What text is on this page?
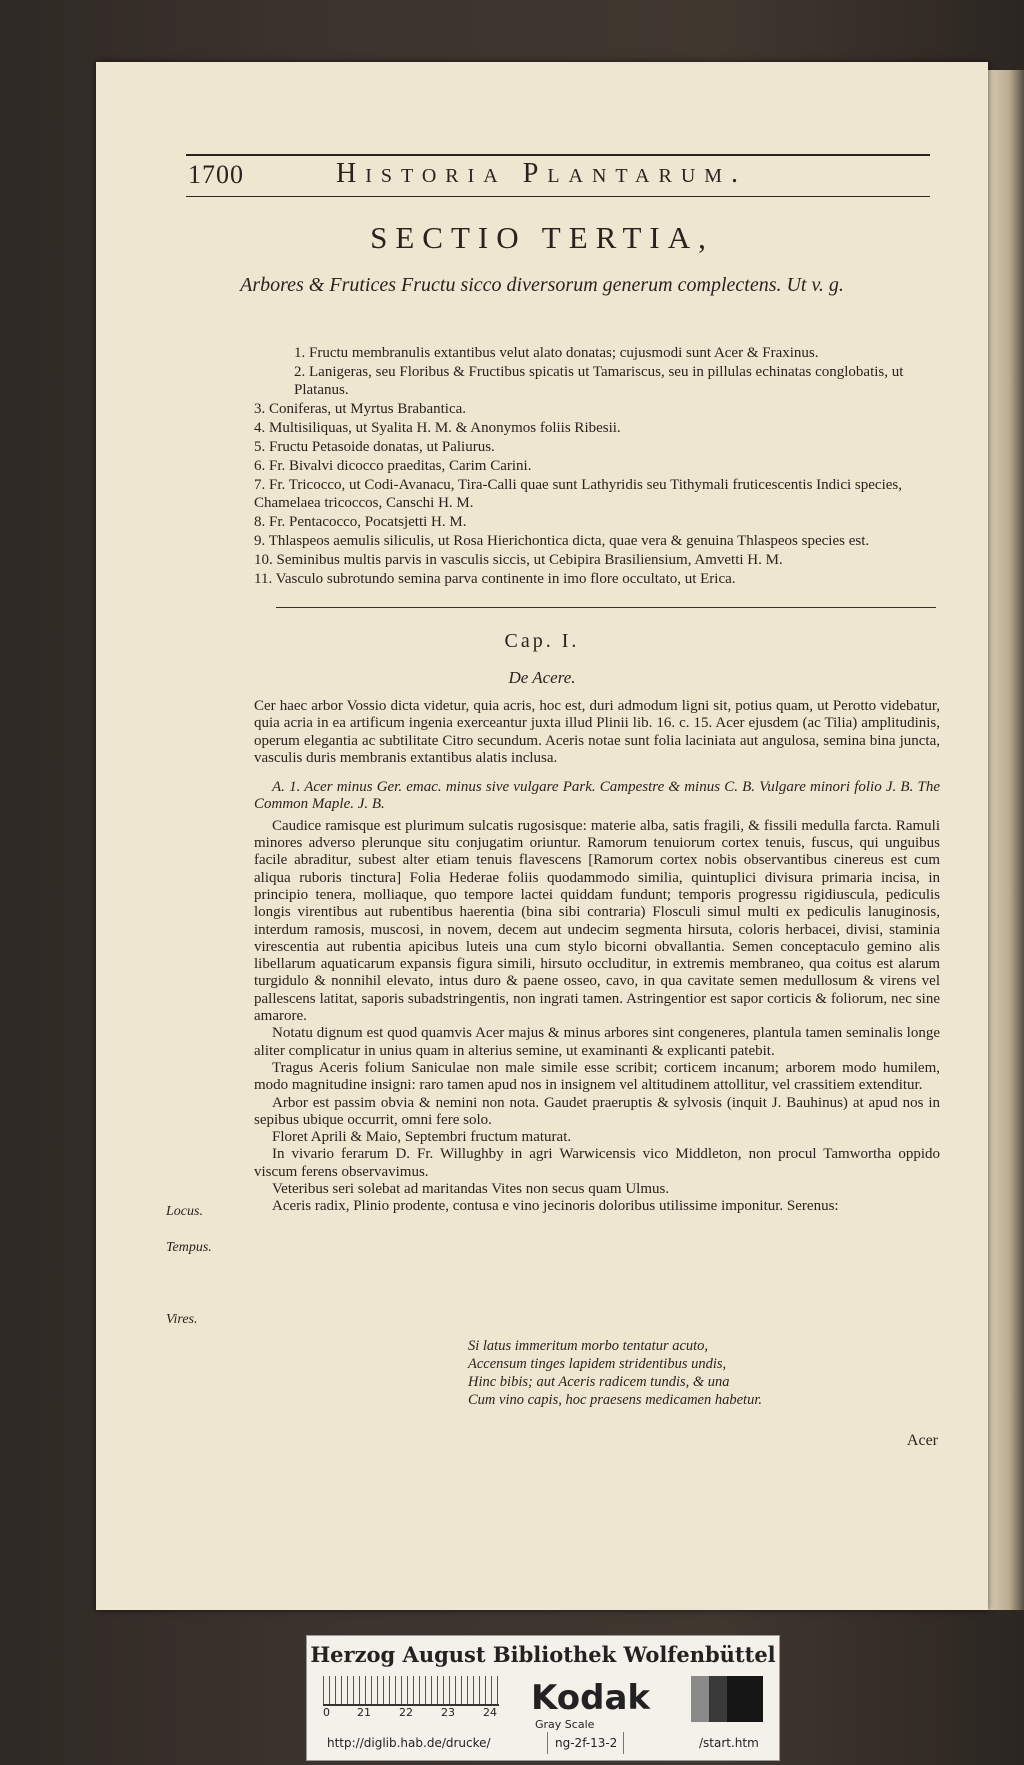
1700	Historia Plantarum.
SECTIO TERTIA,
Arbores & Frutices Fructu sicco diversorum generum complectens. Ut v. g.
1. Fructu membranulis extantibus velut alato donatas; cujusmodi sunt Acer & Fraxinus.
2. Lanigeras, seu Floribus & Fructibus spicatis ut Tamariscus, seu in pillulas echinatas conglobatis, ut Platanus.
3. Coniferas, ut Myrtus Brabantica.
4. Multisiliquas, ut Syalita H. M. & Anonymos foliis Ribesii.
5. Fructu Petasoide donatas, ut Paliurus.
6. Fr. Bivalvi dicocco praeditas, Carim Carini.
7. Fr. Tricocco, ut Codi-Avanacu, Tira-Calli quae sunt Lathyridis seu Tithymali fruticescentis Indici species, Chamelaea tricoccos, Canschi H. M.
8. Fr. Pentacocco, Pocatsjetti H. M.
9. Thlaspeos aemulis siliculis, ut Rosa Hierichontica dicta, quae vera & genuina Thlaspeos species est.
10. Seminibus multis parvis in vasculis siccis, ut Cebipira Brasiliensium, Amvetti H. M.
11. Vasculo subrotundo semina parva continente in imo flore occultato, ut Erica.
Cap. I.
De Acere.

Cer haec arbor Vossio dicta videtur, quia acris, hoc est, duri admodum ligni sit, potius quam, ut Perotto videbatur, quia acria in ea artificum ingenia exerceantur juxta illud Plinii lib. 16. c. 15. Acer ejusdem (ac Tilia) amplitudinis, operum elegantia ac subtilitate Citro secundum. Aceris notae sunt folia laciniata aut angulosa, semina bina juncta, vasculis duris membranis extantibus alatis inclusa.

A. 1. Acer minus Ger. emac. minus sive vulgare Park. Campestre & minus C. B. Vulgare minori folio J. B. The Common Maple. J. B.

Caudice ramisque est plurimum sulcatis rugosisque: materie alba, satis fragili, & fissili medulla farcta. Ramuli minores adverso plerunque situ conjugatim oriuntur. Ramorum tenuiorum cortex tenuis, fuscus, qui unguibus facile abraditur, subest alter etiam tenuis flavescens [Ramorum cortex nobis observantibus cinereus est cum aliqua ruboris tinctura] Folia Hederae foliis quodammodo similia, quintuplici divisura primaria incisa, in principio tenera, molliaque, quo tempore lactei quiddam fundunt; temporis progressu rigidiuscula, pediculis longis virentibus aut rubentibus haerentia (bina sibi contraria) Flosculi simul multi ex pediculis lanuginosis, interdum ramosis, muscosi, in novem, decem aut undecim segmenta hirsuta, coloris herbacei, divisi, staminia virescentia aut rubentia apicibus luteis una cum stylo bicorni obvallantia. Semen conceptaculo gemino alis libellarum aquaticarum expansis figura simili, hirsuto occluditur, in extremis membraneo, qua coitus est alarum turgidulo & nonnihil elevato, intus duro & paene osseo, cavo, in qua cavitate semen medullosum & virens vel pallescens latitat, saporis subadstringentis, non ingrati tamen. Astringentior est sapor corticis & foliorum, nec sine amarore.

Notatu dignum est quod quamvis Acer majus & minus arbores sint congeneres, plantula tamen seminalis longe aliter complicatur in unius quam in alterius semine, ut examinanti & explicanti patebit.

Tragus Aceris folium Saniculae non male simile esse scribit; corticem incanum; arborem modo humilem, modo magnitudine insigni: raro tamen apud nos in insignem vel altitudinem attollitur, vel crassitiem extenditur.

Arbor est passim obvia & nemini non nota. Gaudet praeruptis & sylvosis (inquit J. Bauhinus) at apud nos in sepibus ubique occurrit, omni fere solo.

Floret Aprili & Maio, Septembri fructum maturat.

In vivario ferarum D. Fr. Willughby in agri Warwicensis vico Middleton, non procul Tamwortha oppido viscum ferens observavimus.

Veteribus seri solebat ad maritandas Vites non secus quam Ulmus.

Aceris radix, Plinio prodente, contusa e vino jecinoris doloribus utilissime imponitur. Serenus:

Locus.
Tempus.
Vires.
Si latus immeritum morbo tentatur acuto,
Accensum tinges lapidem stridentibus undis,
Hinc bibis; aut Aceris radicem tundis, & una
Cum vino capis, hoc praesens medicamen habetur.
Acer
Herzog August Bibliothek Wolfenbüttel
0 21	22	23	24 Kodak
Gray Scale
http://diglib.hab.de/drucke/	ng-2f-13-2	/start.htm
